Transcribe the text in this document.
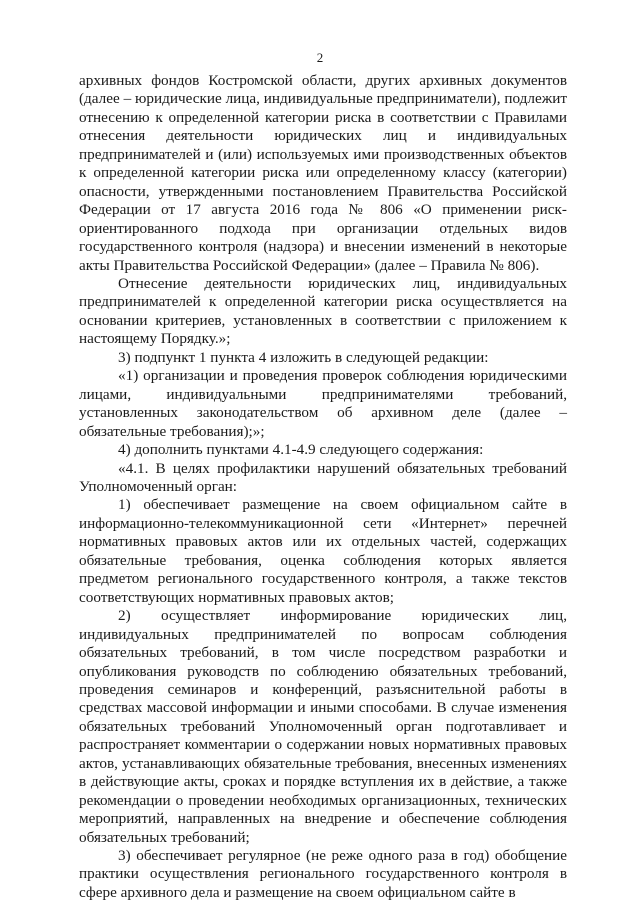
2

архивных фондов Костромской области, других архивных документов (далее – юридические лица, индивидуальные предприниматели), подлежит отнесению к определенной категории риска в соответствии с Правилами отнесения деятельности юридических лиц и индивидуальных предпринимателей и (или) используемых ими производственных объектов к определенной категории риска или определенному классу (категории) опасности, утвержденными постановлением Правительства Российской Федерации от 17 августа 2016 года № 806 «О применении риск-ориентированного подхода при организации отдельных видов государственного контроля (надзора) и внесении изменений в некоторые акты Правительства Российской Федерации» (далее – Правила № 806).

Отнесение деятельности юридических лиц, индивидуальных предпринимателей к определенной категории риска осуществляется на основании критериев, установленных в соответствии с приложением к настоящему Порядку.»;

3) подпункт 1 пункта 4 изложить в следующей редакции:

«1) организации и проведения проверок соблюдения юридическими лицами, индивидуальными предпринимателями требований, установленных законодательством об архивном деле (далее – обязательные требования);»;

4) дополнить пунктами 4.1-4.9 следующего содержания:

«4.1. В целях профилактики нарушений обязательных требований Уполномоченный орган:

1) обеспечивает размещение на своем официальном сайте в информационно-телекоммуникационной сети «Интернет» перечней нормативных правовых актов или их отдельных частей, содержащих обязательные требования, оценка соблюдения которых является предметом регионального государственного контроля, а также текстов соответствующих нормативных правовых актов;

2) осуществляет информирование юридических лиц, индивидуальных предпринимателей по вопросам соблюдения обязательных требований, в том числе посредством разработки и опубликования руководств по соблюдению обязательных требований, проведения семинаров и конференций, разъяснительной работы в средствах массовой информации и иными способами. В случае изменения обязательных требований Уполномоченный орган подготавливает и распространяет комментарии о содержании новых нормативных правовых актов, устанавливающих обязательные требования, внесенных изменениях в действующие акты, сроках и порядке вступления их в действие, а также рекомендации о проведении необходимых организационных, технических мероприятий, направленных на внедрение и обеспечение соблюдения обязательных требований;

3) обеспечивает регулярное (не реже одного раза в год) обобщение практики осуществления регионального государственного контроля в сфере архивного дела и размещение на своем официальном сайте в
